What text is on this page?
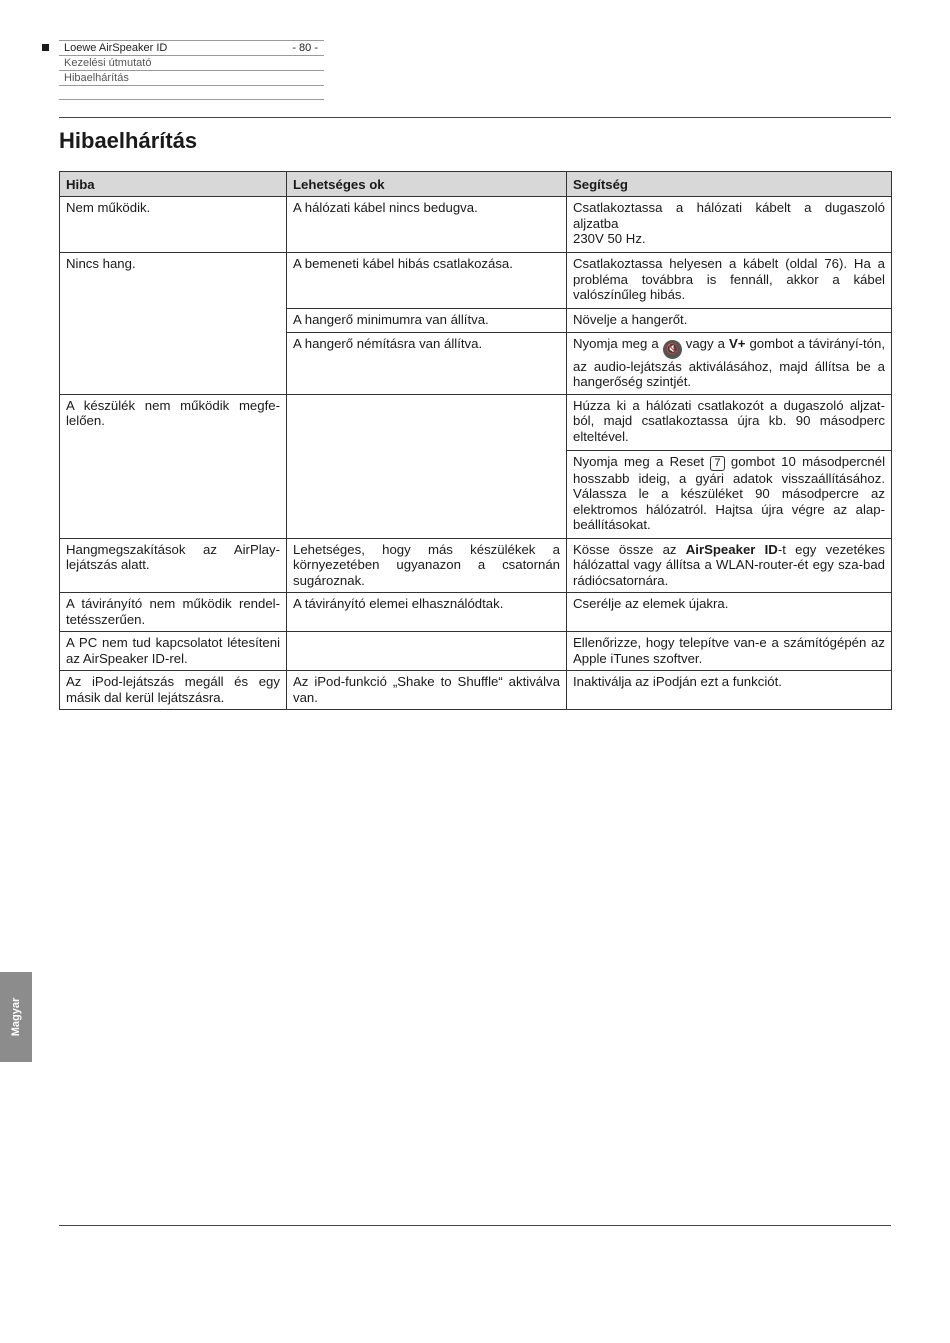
Loewe AirSpeaker ID	- 80 -
Kezelési útmutató
Hibaelhárítás
Hibaelhárítás
Hiba	Lehetséges ok	Segítség
Nem működik.	A hálózati kábel nincs bedugva.	Csatlakoztassa a hálózati kábelt a dugaszoló aljzatba
230V 50 Hz.
Nincs hang.	A bemeneti kábel hibás csatlakozása.	Csatlakoztassa helyesen a kábelt (oldal 76). Ha a probléma továbbra is fennáll, akkor a kábel valószínűleg hibás.
	A hangerő minimumra van állítva.	Növelje a hangerőt.
	A hangerő némításra van állítva.	Nyomja meg a 🔇 vagy a V+ gombot a távirányí-tón, az audio-lejátszás aktiválásához, majd állítsa be a hangerőség szintjét.
A készülék nem működik megfe-lelően.		Húzza ki a hálózati csatlakozót a dugaszoló aljzat-ból, majd csatlakoztassa újra kb. 90 másodperc elteltével.
		Nyomja meg a Reset 7 gombot 10 másodpercnél hosszabb ideig, a gyári adatok visszaállításához. Válassza le a készüléket 90 másodpercre az elektromos hálózatról. Hajtsa újra végre az alap-beállításokat.
Hangmegszakítások az AirPlay-lejátszás alatt.	Lehetséges, hogy más készülékek a környezetében ugyanazon a csatornán sugároznak.	Kösse össze az AirSpeaker ID-t egy vezetékes hálózattal vagy állítsa a WLAN-router-ét egy sza-bad rádiócsatornára.
A távirányító nem működik rendel-tetésszerűen.	A távirányító elemei elhasználódtak.	Cserélje az elemek újakra.
A PC nem tud kapcsolatot létesíteni az AirSpeaker ID-rel.		Ellenőrizze, hogy telepítve van-e a számítógépén az Apple iTunes szoftver.
Az iPod-lejátszás megáll és egy másik dal kerül lejátszásra.	Az iPod-funkció „Shake to Shuffle“ aktiválva van.	Inaktiválja az iPodján ezt a funkciót.
Magyar
